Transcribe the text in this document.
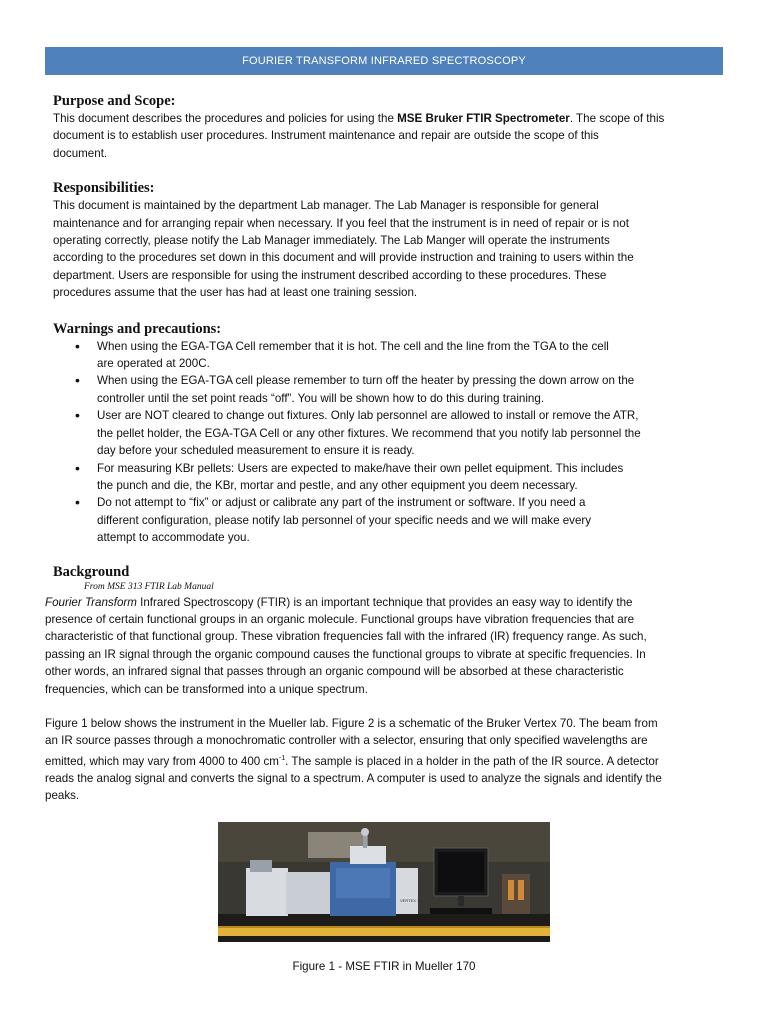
FOURIER TRANSFORM INFRARED SPECTROSCOPY
Purpose and Scope:

This document describes the procedures and policies for using the MSE Bruker FTIR Spectrometer. The scope of this
document is to establish user procedures. Instrument maintenance and repair are outside the scope of this
document.

Responsibilities:

This document is maintained by the department Lab manager. The Lab Manager is responsible for general
maintenance and for arranging repair when necessary. If you feel that the instrument is in need of repair or is not
operating correctly, please notify the Lab Manager immediately. The Lab Manger will operate the instruments
according to the procedures set down in this document and will provide instruction and training to users within the
department. Users are responsible for using the instrument described according to these procedures. These
procedures assume that the user has had at least one training session.

Warnings and precautions:
• When using the EGA-TGA Cell remember that it is hot. The cell and the line from the TGA to the cell
are operated at 200C.
• When using the EGA-TGA cell please remember to turn off the heater by pressing the down arrow on the
controller until the set point reads “off”. You will be shown how to do this during training.
• User are NOT cleared to change out fixtures. Only lab personnel are allowed to install or remove the ATR,
the pellet holder, the EGA-TGA Cell or any other fixtures. We recommend that you notify lab personnel the
day before your scheduled measurement to ensure it is ready.
• For measuring KBr pellets: Users are expected to make/have their own pellet equipment. This includes
the punch and die, the KBr, mortar and pestle, and any other equipment you deem necessary.
• Do not attempt to “fix” or adjust or calibrate any part of the instrument or software. If you need a
different configuration, please notify lab personnel of your specific needs and we will make every
attempt to accommodate you.
Background

From MSE 313 FTIR Lab Manual

Fourier Transform Infrared Spectroscopy (FTIR) is an important technique that provides an easy way to identify the
presence of certain functional groups in an organic molecule. Functional groups have vibration frequencies that are
characteristic of that functional group. These vibration frequencies fall with the infrared (IR) frequency range. As such,
passing an IR signal through the organic compound causes the functional groups to vibrate at specific frequencies. In
other words, an infrared signal that passes through an organic compound will be absorbed at these characteristic
frequencies, which can be transformed into a unique spectrum.

Figure 1 below shows the instrument in the Mueller lab. Figure 2 is a schematic of the Bruker Vertex 70. The beam from
an IR source passes through a monochromatic controller with a selector, ensuring that only specified wavelengths are
emitted, which may vary from 4000 to 400 $cm^{-1}$. The sample is placed in a holder in the path of the IR source. A detector
reads the analog signal and converts the signal to a spectrum. A computer is used to analyze the signals and identify the
peaks.

VERTEX 70
Figure 1 - MSE FTIR in Mueller 170
